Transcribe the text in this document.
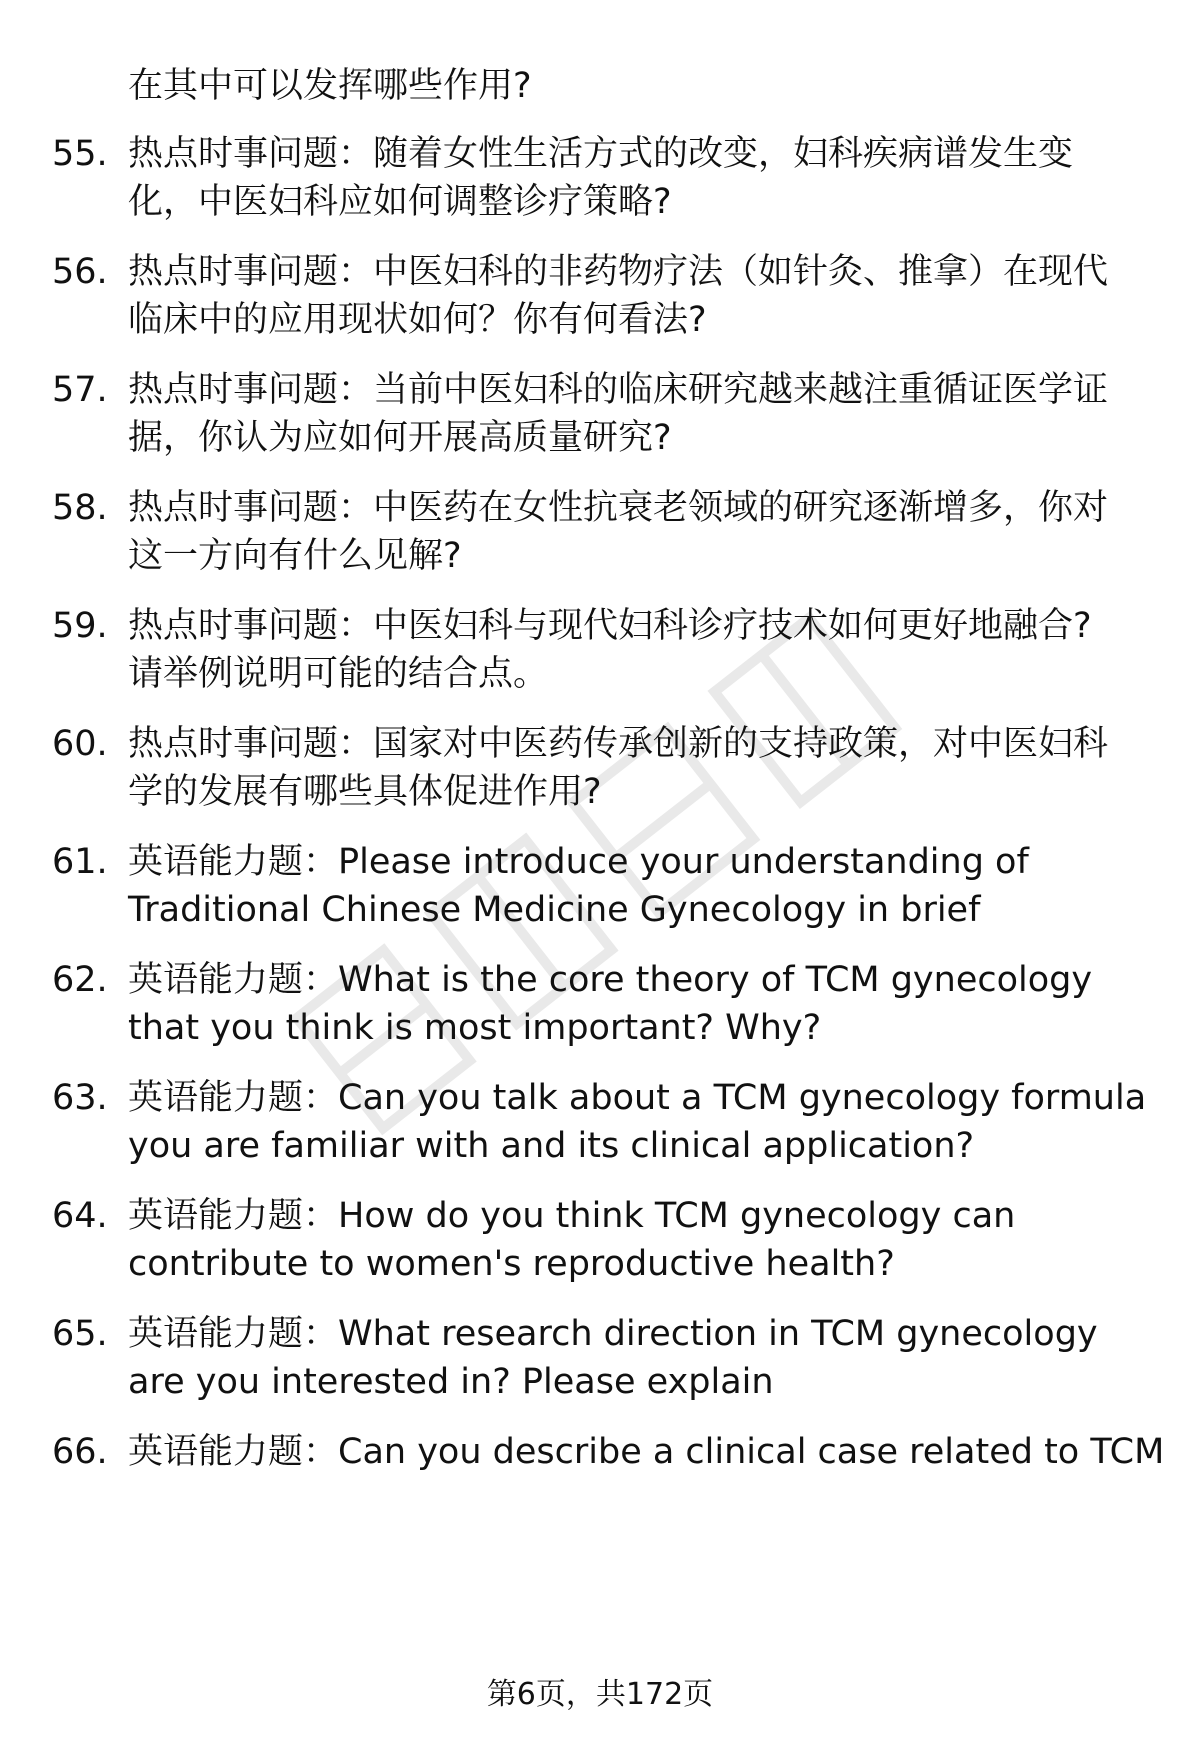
在其中可以发挥哪些作用?
55. 热点时事问题：随着女性生活方式的改变，妇科疾病谱发生变
化，中医妇科应如何调整诊疗策略?
56. 热点时事问题：中医妇科的非药物疗法（如针灸、推拿）在现代
临床中的应用现状如何？你有何看法?
57. 热点时事问题：当前中医妇科的临床研究越来越注重循证医学证
据，你认为应如何开展高质量研究?
58. 热点时事问题：中医药在女性抗衰老领域的研究逐渐增多，你对
这一方向有什么见解?
59. 热点时事问题：中医妇科与现代妇科诊疗技术如何更好地融合?
请举例说明可能的结合点。
60. 热点时事问题：国家对中医药传承创新的支持政策，对中医妇科
学的发展有哪些具体促进作用?
61. 英语能力题：Please introduce your understanding of
Traditional Chinese Medicine Gynecology in brief
62. 英语能力题：What is the core theory of TCM gynecology
that you think is most important? Why?
63. 英语能力题：Can you talk about a TCM gynecology formula
you are familiar with and its clinical application?
64. 英语能力题：How do you think TCM gynecology can
contribute to women's reproductive health?
65. 英语能力题：What research direction in TCM gynecology
are you interested in? Please explain
66. 英语能力题：Can you describe a clinical case related to TCM
第6页，共172页
